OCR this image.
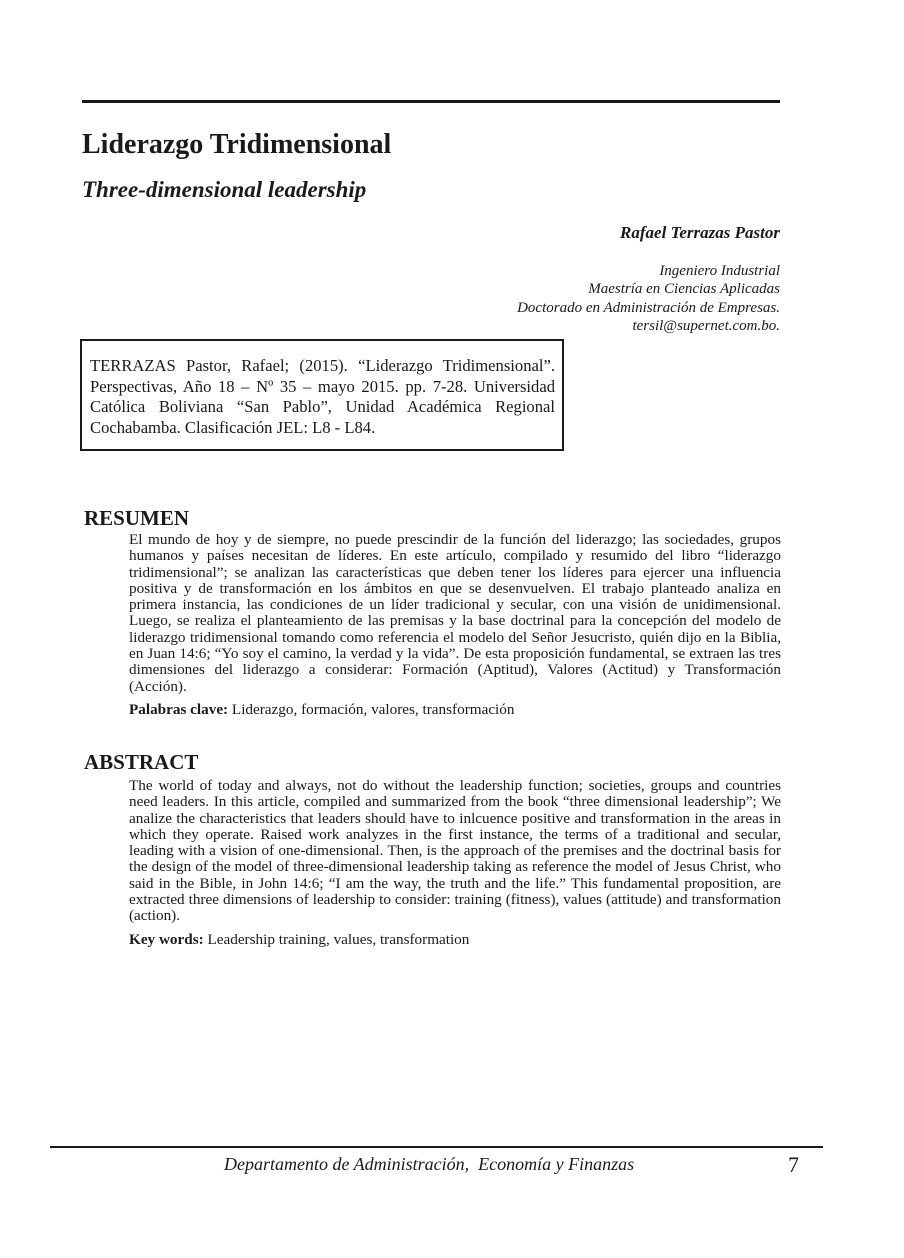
Liderazgo Tridimensional
Three-dimensional leadership
Rafael Terrazas Pastor
Ingeniero Industrial
Maestría en Ciencias Aplicadas
Doctorado en Administración de Empresas.
tersil@supernet.com.bo.
TERRAZAS Pastor, Rafael; (2015). “Liderazgo Tridimensional”. Perspectivas, Año 18 – Nº 35 – mayo 2015. pp. 7-28. Universidad Católica Boliviana “San Pablo”, Unidad Académica Regional Cochabamba. Clasificación JEL: L8 - L84.
RESUMEN

El mundo de hoy y de siempre, no puede prescindir de la función del liderazgo; las sociedades, grupos humanos y países necesitan de líderes. En este artículo, compilado y resumido del libro “liderazgo tridimensional”; se analizan las características que deben tener los líderes para ejercer una influencia positiva y de transformación en los ámbitos en que se desenvuelven. El trabajo planteado analiza en primera instancia, las condiciones de un líder tradicional y secular, con una visión de unidimensional. Luego, se realiza el planteamiento de las premisas y la base doctrinal para la concepción del modelo de liderazgo tridimensional tomando como referencia el modelo del Señor Jesucristo, quién dijo en la Biblia, en Juan 14:6; “Yo soy el camino, la verdad y la vida”. De esta proposición fundamental, se extraen las tres dimensiones del liderazgo a considerar: Formación (Aptitud), Valores (Actitud) y Transformación (Acción).

Palabras clave: Liderazgo, formación, valores, transformación

ABSTRACT

The world of today and always, not do without the leadership function; societies, groups and countries need leaders. In this article, compiled and summarized from the book “three dimensional leadership”; We analize the characteristics that leaders should have to inlcuence positive and transformation in the areas in which they operate. Raised work analyzes in the first instance, the terms of a traditional and secular, leading with a vision of one-dimensional. Then, is the approach of the premises and the doctrinal basis for the design of the model of three-dimensional leadership taking as reference the model of Jesus Christ, who said in the Bible, in John 14:6; “I am the way, the truth and the life.” This fundamental proposition, are extracted three dimensions of leadership to consider: training (fitness), values (attitude) and transformation (action).

Key words: Leadership training, values, transformation

Departamento de Administración,  Economía y Finanzas	7
